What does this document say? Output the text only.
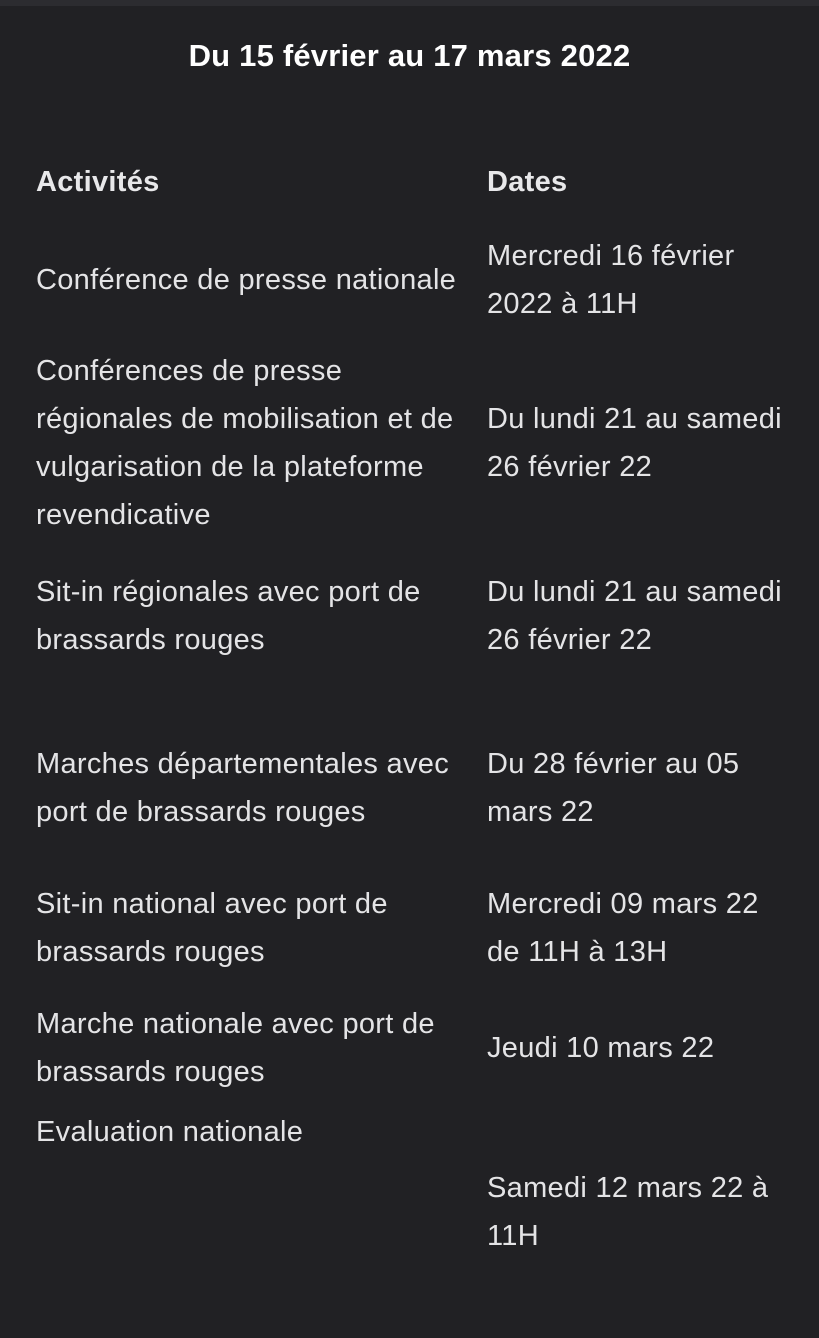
Du 15 février au 17 mars 2022
Activités	Dates
Conférence de presse nationale
Mercredi 16 février 2022 à 11H
Conférences de presse régionales de mobilisation et de vulgarisation de la plateforme revendicative
Du lundi 21 au samedi 26 février 22
Sit-in régionales avec port de brassards rouges
Du lundi 21 au samedi 26 février 22
Marches départementales avec port de brassards rouges
Du 28 février au 05 mars 22
Sit-in national avec port de brassards rouges
Mercredi 09 mars 22 de 11H à 13H
Marche nationale avec port de brassards rouges
Jeudi 10 mars 22
Evaluation nationale
Samedi 12 mars 22 à 11H
